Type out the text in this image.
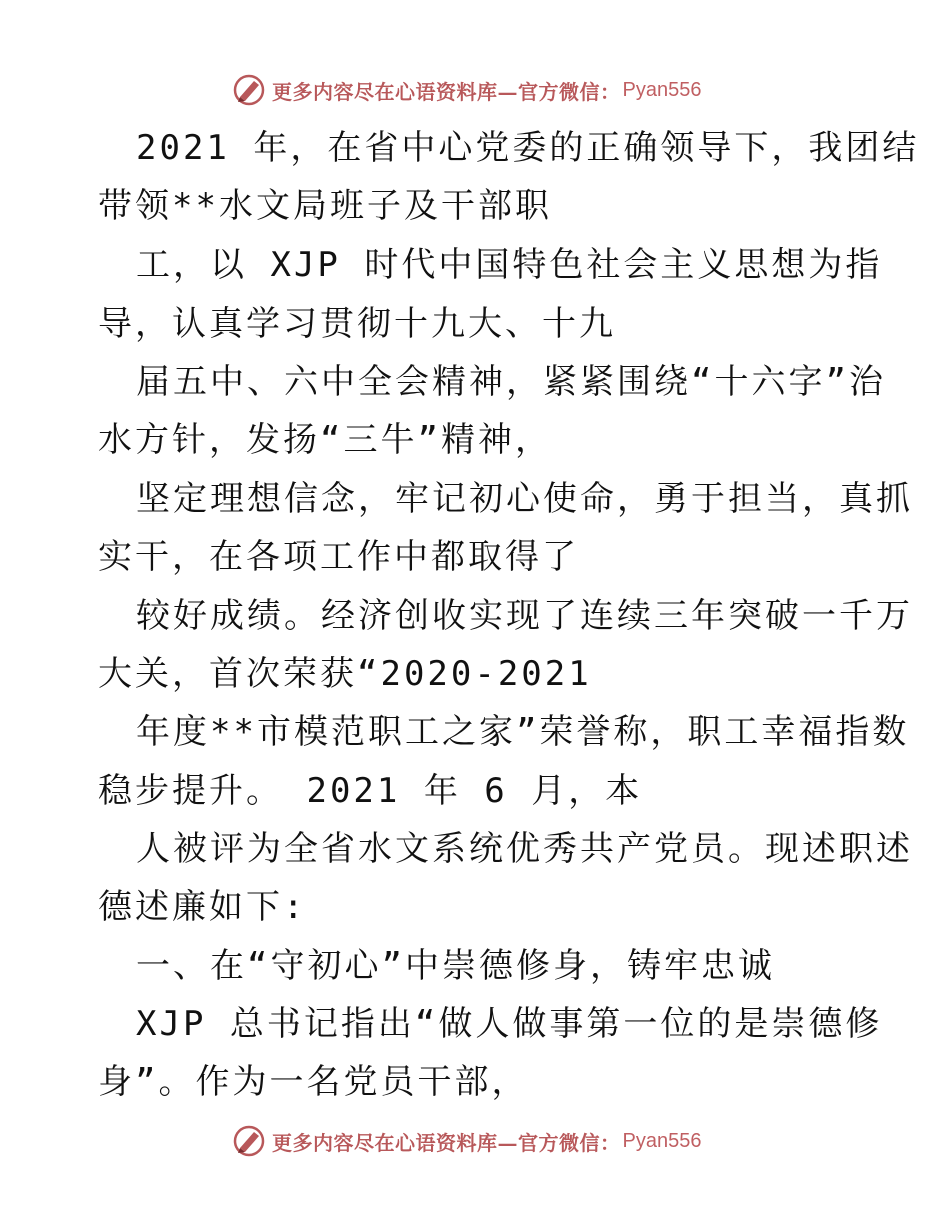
更多内容尽在心语资料库—官方微信： Pyan556
2021 年，在省中心党委的正确领导下，我团结
带领**水文局班子及干部职
工，以 XJP 时代中国特色社会主义思想为指
导，认真学习贯彻十九大、十九
届五中、六中全会精神，紧紧围绕“十六字”治
水方针，发扬“三牛”精神，
坚定理想信念，牢记初心使命，勇于担当，真抓
实干，在各项工作中都取得了
较好成绩。经济创收实现了连续三年突破一千万
大关，首次荣获“2020-2021
年度**市模范职工之家”荣誉称，职工幸福指数
稳步提升。 2021 年 6 月，本
人被评为全省水文系统优秀共产党员。现述职述
德述廉如下:
一、在“守初心”中崇德修身，铸牢忠诚
XJP 总书记指出“做人做事第一位的是崇德修
身”。作为一名党员干部，
更多内容尽在心语资料库—官方微信： Pyan556
